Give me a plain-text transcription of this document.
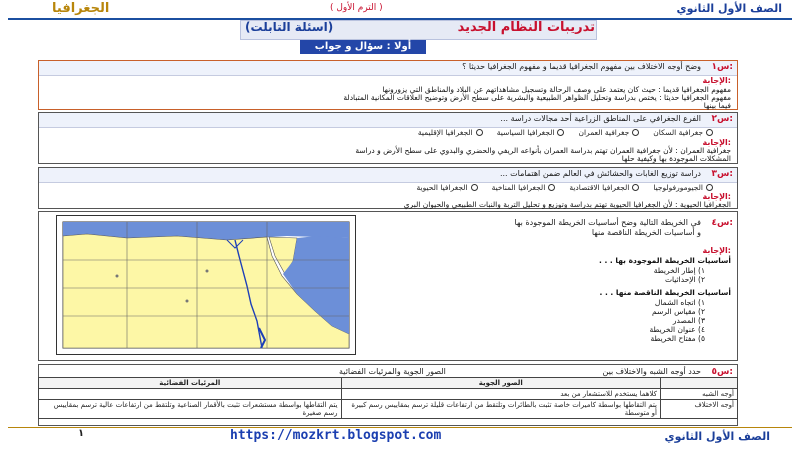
الصف الأول الثانوي
( الترم الأول )
الجغرافيا
تدريبات النظام الجديد
(اسئلة التابلت)
أولا : سؤال و جواب
س١:
وضح أوجه الاختلاف بين مفهوم الجغرافيا قديما و مفهوم الجغرافيا حديثا ؟
الإجابة:
مفهوم الجغرافيا قديما : حيث كان يعتمد على وصف الرحالة وتسجيل مشاهداتهم عن البلاد والمناطق التي يزورونها
مفهوم الجغرافيا حديثا : يختص بدراسة وتحليل الظواهر الطبيعية والبشرية على سطح الأرض وتوضيح العلاقات المكانية المتبادلة
فيما بينها
س٢:
الفرع الجغرافي على المناطق الزراعية أحد مجالات دراسة ...
جغرافية السكان
جغرافية العمران
الجغرافيا السياسية
الجغرافيا الإقليمية
الإجابة:
جغرافية العمران : لأن جغرافية العمران تهتم بدراسة العمران بأنواعه الريفي والحضري والبدوي على سطح الأرض و دراسة
المشكلات الموجودة بها وكيفية حلها
س٣:
دراسة توزيع الغابات والحشائش في العالم ضمن اهتمامات ...
الجيومورفولوجيا
الجغرافيا الاقتصادية
الجغرافيا المناخية
الجغرافيا الحيوية
الإجابة:
الجغرافيا الحيوية : لأن الجغرافيا الحيوية تهتم بدراسة وتوزيع و تحليل التربة والنبات الطبيعي والحيوان البري
س٤:
في الخريطة التالية وضح أساسيات الخريطة الموجودة بها
و أساسيات الخريطة الناقصة منها
الإجابة:
أساسيات الخريطة الموجودة بها . . .
١) إطار الخريطة
٢) الإحداثيات
أساسيات الخريطة الناقصة منها . . .
١) اتجاه الشمال
٢) مقياس الرسم
٣) المصدر
٤) عنوان الخريطة
٥) مفتاح الخريطة
س٥:
حدد أوجه الشبه والاختلاف بين
الصور الجوية والمرئيات الفضائية
	الصور الجوية	المرئيات الفضائية
أوجه الشبه	كلاهما يستخدم للاستشعار من بعد	
أوجه الاختلاف	يتم التقاطها بواسطة كاميرات خاصة تثبت بالطائرات وتلتقط من ارتفاعات قليلة ترسم بمقاييس رسم كبيرة أو متوسطة	يتم التقاطها بواسطة مستشعرات تثبت بالأقمار الصناعية وتلتقط من ارتفاعات عالية ترسم بمقاييس رسم صغيرة
١	https://mozkrt.blogspot.com	الصف الأول الثانوي
